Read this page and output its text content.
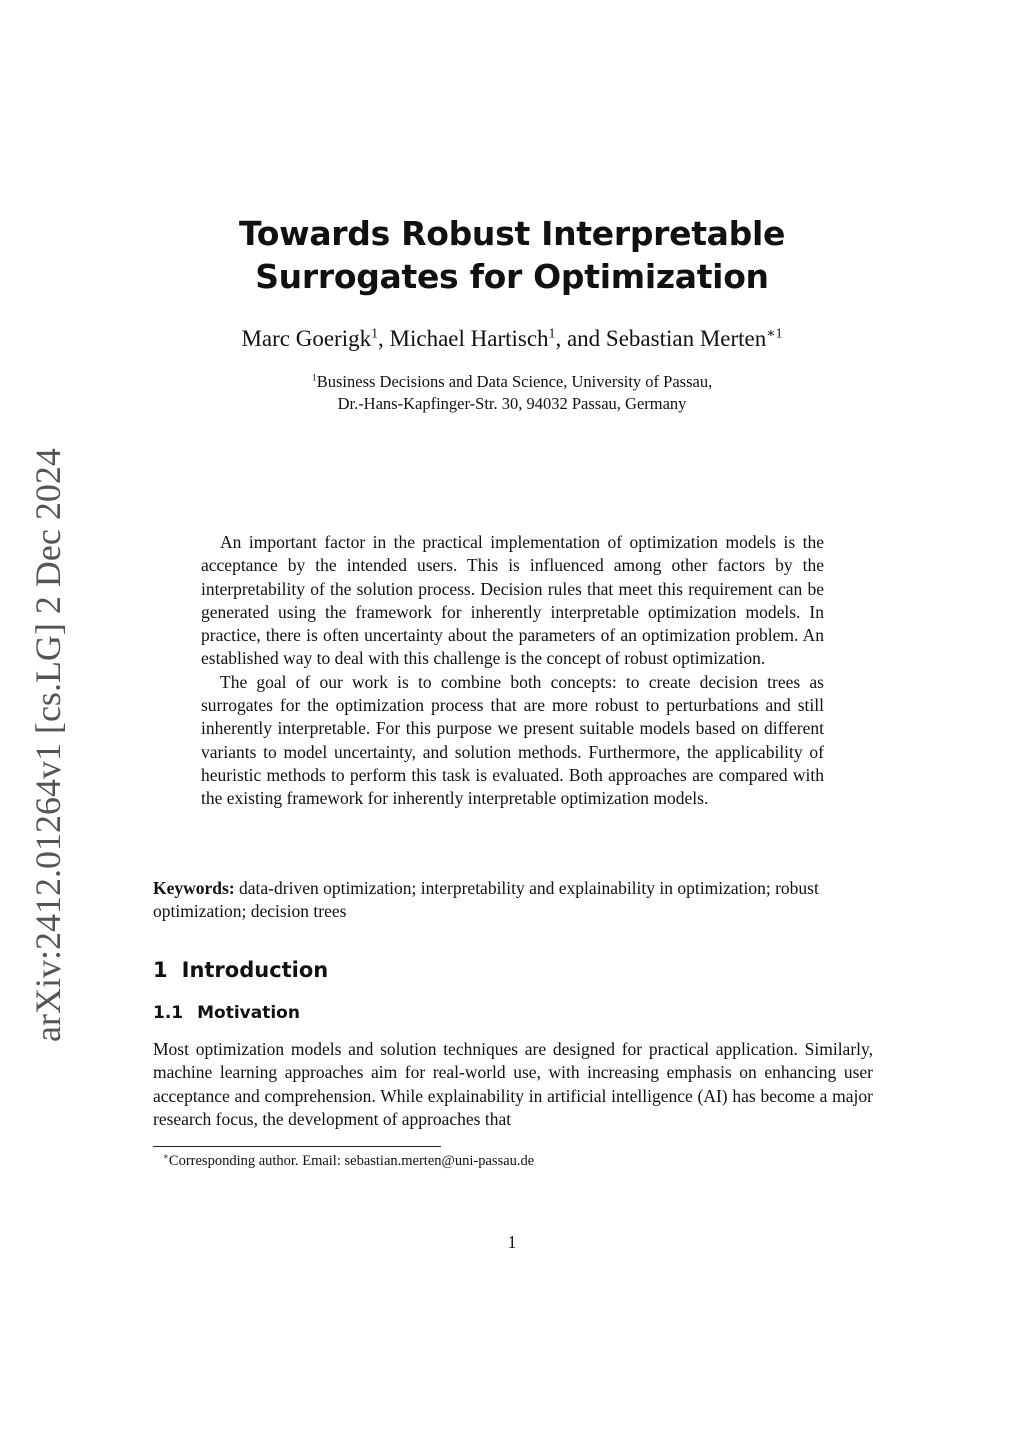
arXiv:2412.01264v1 [cs.LG] 2 Dec 2024
Towards Robust Interpretable Surrogates for Optimization
Marc Goerigk$^1$, Michael Hartisch$^1$, and Sebastian Merten$^{∗1}$
$^1$Business Decisions and Data Science, University of Passau,
Dr.-Hans-Kapfinger-Str. 30, 94032 Passau, Germany

An important factor in the practical implementation of optimization models is the acceptance by the intended users. This is influenced among other factors by the interpretability of the solution process. Decision rules that meet this requirement can be generated using the framework for inherently interpretable optimization models. In practice, there is often uncertainty about the parameters of an optimization problem. An established way to deal with this challenge is the concept of robust optimization.

The goal of our work is to combine both concepts: to create decision trees as surrogates for the optimization process that are more robust to perturbations and still inherently interpretable. For this purpose we present suitable models based on different variants to model uncertainty, and solution methods. Furthermore, the applicability of heuristic methods to perform this task is evaluated. Both approaches are compared with the existing framework for inherently interpretable optimization models.

Keywords: data-driven optimization; interpretability and explainability in optimization; robust optimization; decision trees
1 Introduction
1.1 Motivation

Most optimization models and solution techniques are designed for practical application. Similarly, machine learning approaches aim for real-world use, with increasing emphasis on enhancing user acceptance and comprehension. While explainability in artificial intelligence (AI) has become a major research focus, the development of approaches that

∗Corresponding author. Email: sebastian.merten@uni-passau.de
1
